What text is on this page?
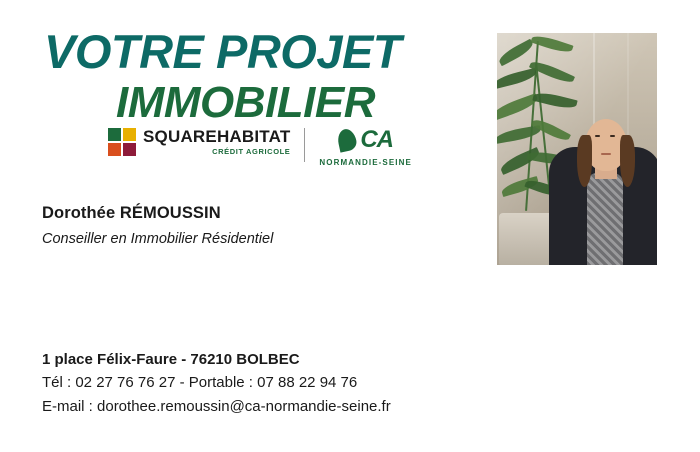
VOTRE PROJET
IMMOBILIER
SQUAREHABITAT
CRÉDIT AGRICOLE	CA
NORMANDIE-SEINE
Dorothée RÉMOUSSIN
Conseiller en Immobilier Résidentiel
1 place Félix-Faure - 76210 BOLBEC
Tél : 02 27 76 76 27 - Portable : 07 88 22 94 76
E-mail : dorothee.remoussin@ca-normandie-seine.fr
